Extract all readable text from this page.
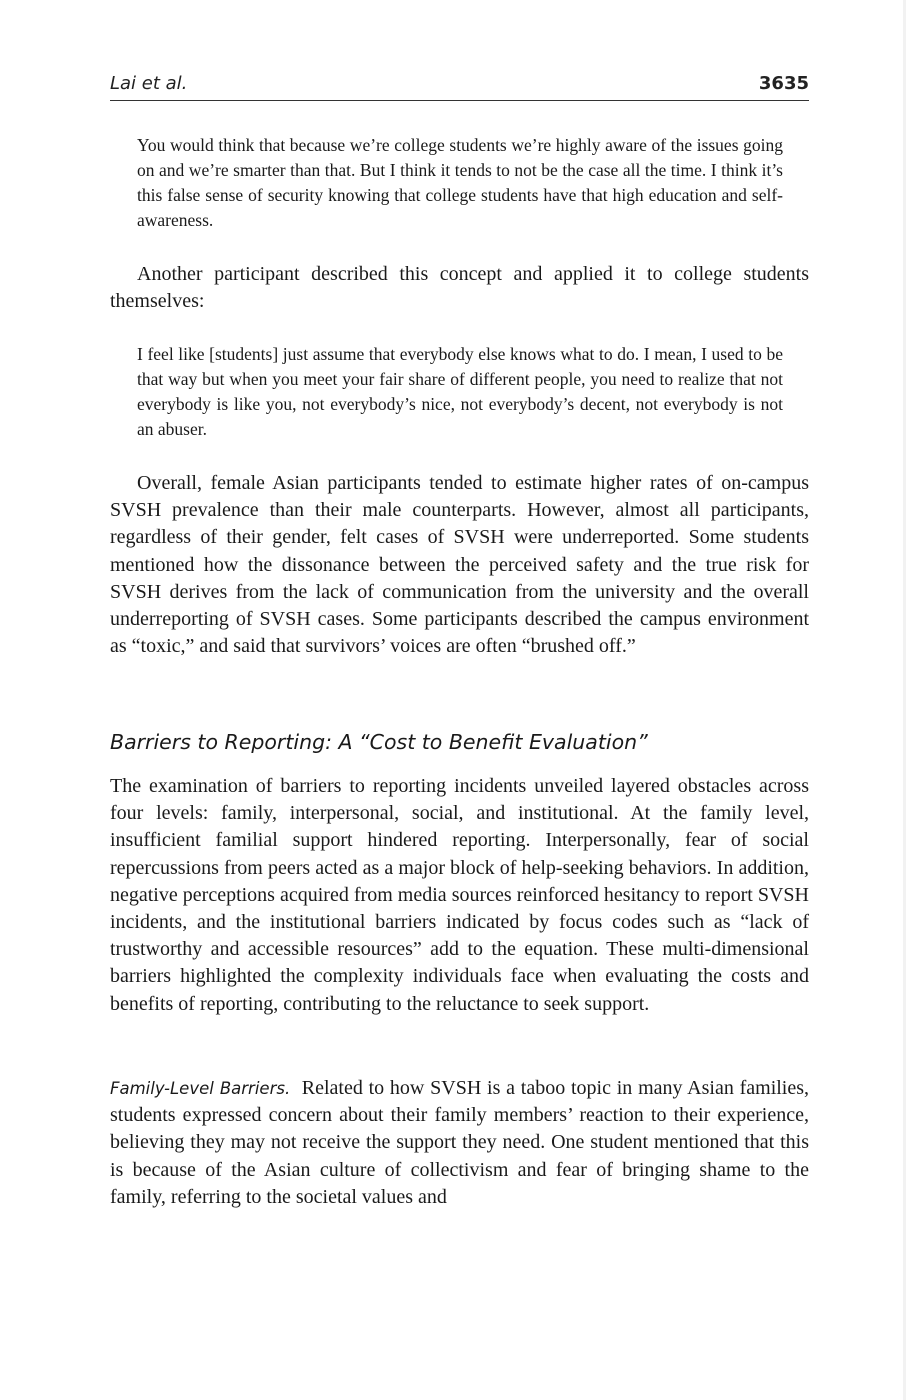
Lai et al.	3635

You would think that because we’re college students we’re highly aware of the issues going on and we’re smarter than that. But I think it tends to not be the case all the time. I think it’s this false sense of security knowing that college students have that high education and self-awareness.

Another participant described this concept and applied it to college students themselves:

I feel like [students] just assume that everybody else knows what to do. I mean, I used to be that way but when you meet your fair share of different people, you need to realize that not everybody is like you, not everybody’s nice, not everybody’s decent, not everybody is not an abuser.

Overall, female Asian participants tended to estimate higher rates of on-campus SVSH prevalence than their male counterparts. However, almost all participants, regardless of their gender, felt cases of SVSH were underreported. Some students mentioned how the dissonance between the perceived safety and the true risk for SVSH derives from the lack of communication from the university and the overall underreporting of SVSH cases. Some participants described the campus environment as “toxic,” and said that survivors’ voices are often “brushed off.”

Barriers to Reporting: A “Cost to Benefit Evaluation”

The examination of barriers to reporting incidents unveiled layered obstacles across four levels: family, interpersonal, social, and institutional. At the family level, insufficient familial support hindered reporting. Interpersonally, fear of social repercussions from peers acted as a major block of help-seeking behaviors. In addition, negative perceptions acquired from media sources reinforced hesitancy to report SVSH incidents, and the institutional barriers indicated by focus codes such as “lack of trustworthy and accessible resources” add to the equation. These multi-dimensional barriers highlighted the complexity individuals face when evaluating the costs and benefits of reporting, contributing to the reluctance to seek support.

Family-Level Barriers. Related to how SVSH is a taboo topic in many Asian families, students expressed concern about their family members’ reaction to their experience, believing they may not receive the support they need. One student mentioned that this is because of the Asian culture of collectivism and fear of bringing shame to the family, referring to the societal values and
